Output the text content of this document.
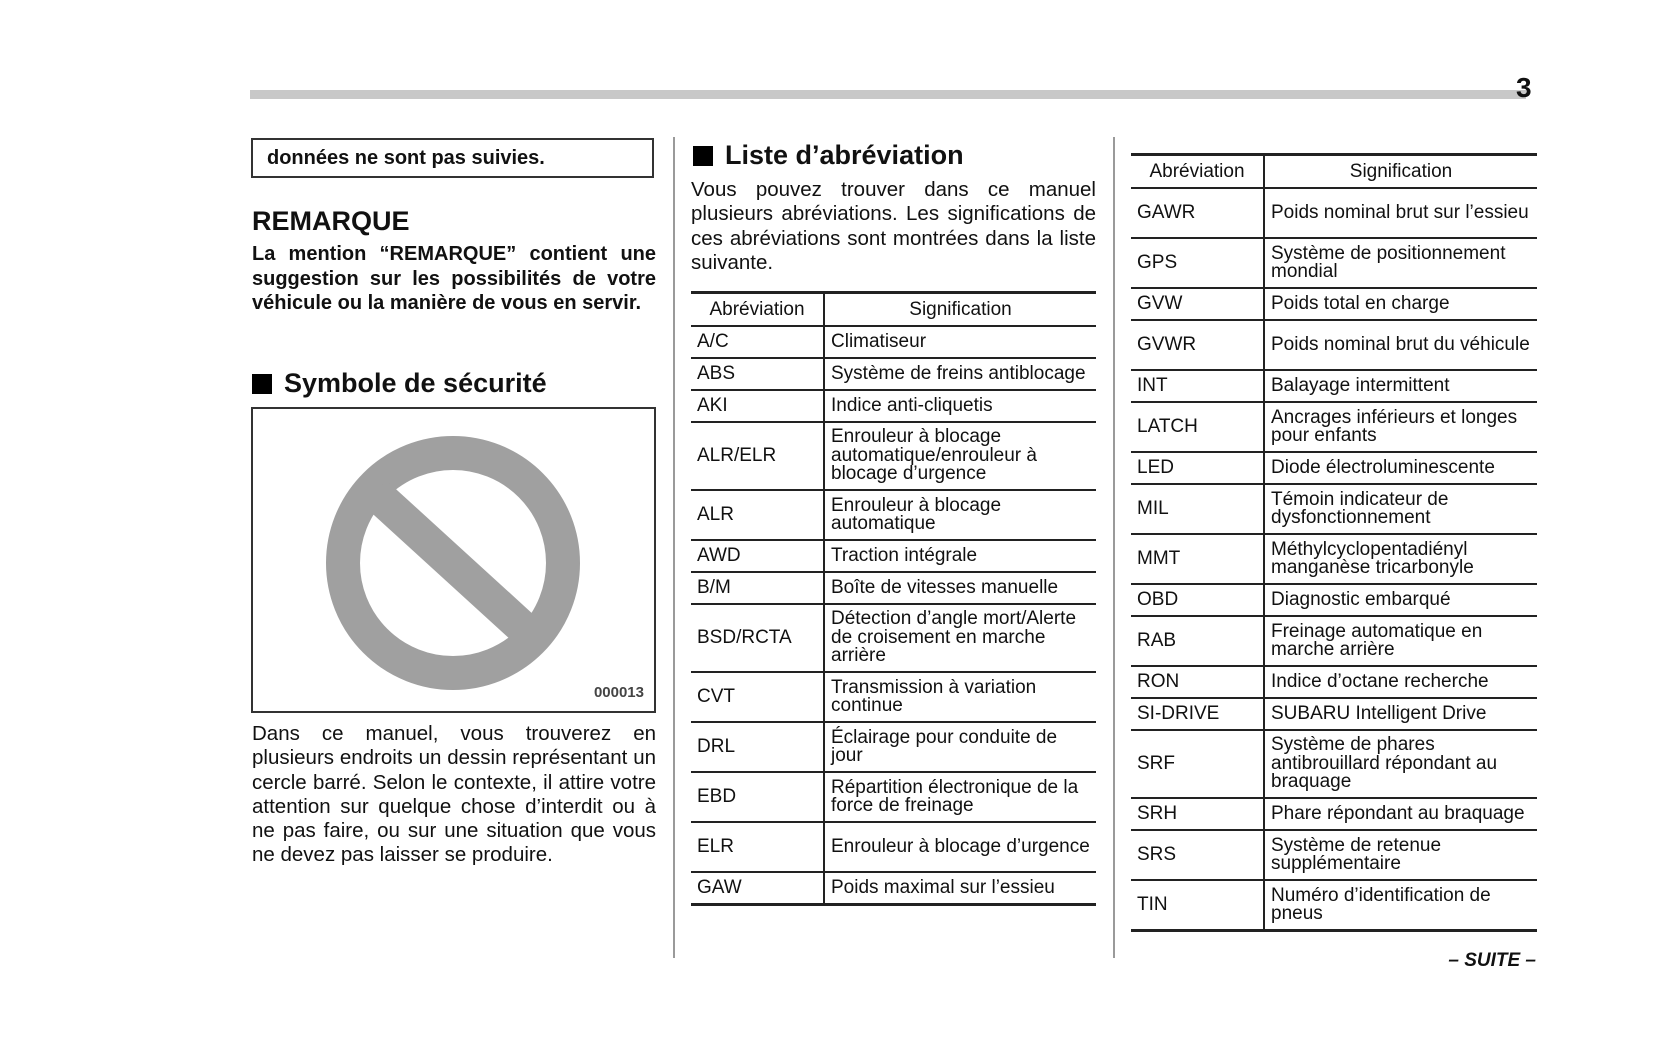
3
données ne sont pas suivies.
REMARQUE
La mention “REMARQUE” contient une suggestion sur les possibilités de votre véhicule ou la manière de vous en servir.
Symbole de sécurité
000013
Dans ce manuel, vous trouverez en plusieurs endroits un dessin représentant un cercle barré. Selon le contexte, il attire votre attention sur quelque chose d’interdit ou à ne pas faire, ou sur une situation que vous ne devez pas laisser se produire.
Liste d’abréviation
Vous pouvez trouver dans ce manuel plusieurs abréviations. Les significations de ces abréviations sont montrées dans la liste suivante.
Abréviation	Signification
A/C	Climatiseur
ABS	Système de freins antiblocage
AKI	Indice anti-cliquetis
ALR/ELR	Enrouleur à blocage automatique/enrouleur à blocage d’urgence
ALR	Enrouleur à blocage automatique
AWD	Traction intégrale
B/M	Boîte de vitesses manuelle
BSD/RCTA	Détection d’angle mort/Alerte de croisement en marche arrière
CVT	Transmission à variation continue
DRL	Éclairage pour conduite de jour
EBD	Répartition électronique de la force de freinage
ELR	Enrouleur à blocage d’urgence
GAW	Poids maximal sur l’essieu
Abréviation	Signification
GAWR	Poids nominal brut sur l’essieu
GPS	Système de positionnement mondial
GVW	Poids total en charge
GVWR	Poids nominal brut du véhicule
INT	Balayage intermittent
LATCH	Ancrages inférieurs et longes pour enfants
LED	Diode électroluminescente
MIL	Témoin indicateur de dysfonctionnement
MMT	Méthylcyclopentadiényl manganèse tricarbonyle
OBD	Diagnostic embarqué
RAB	Freinage automatique en marche arrière
RON	Indice d’octane recherche
SI-DRIVE	SUBARU Intelligent Drive
SRF	Système de phares antibrouillard répondant au braquage
SRH	Phare répondant au braquage
SRS	Système de retenue supplémentaire
TIN	Numéro d’identification de pneus
– SUITE –
